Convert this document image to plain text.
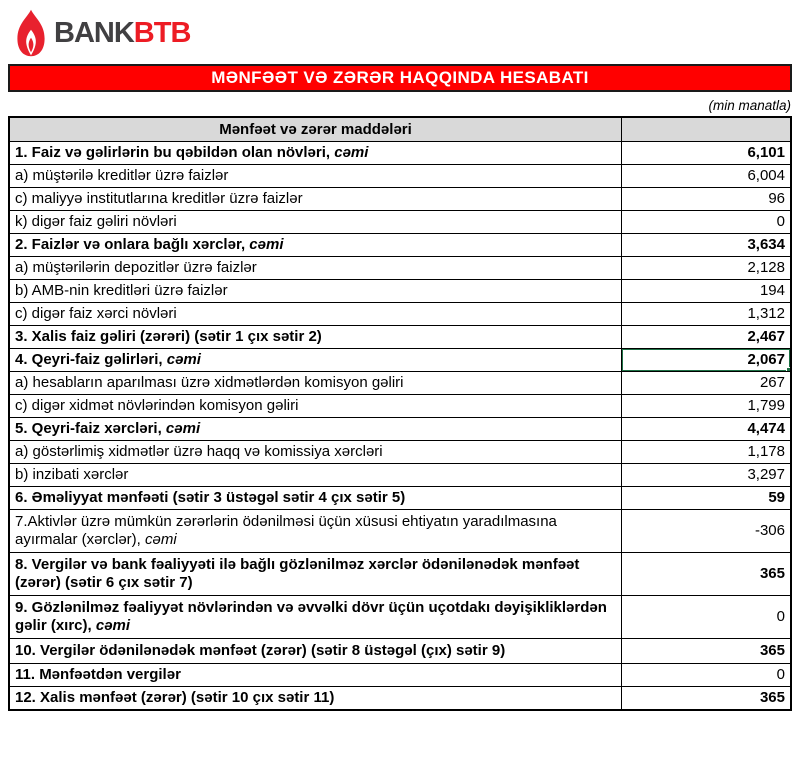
BANKBTB
MƏNFƏƏT VƏ ZƏRƏR HAQQINDA HESABATI
(min manatla)
Mənfəət və zərər maddələri	
1. Faiz və gəlirlərin bu qəbildən olan növləri, cəmi	6,101
a) müştərilə kreditlər üzrə faizlər	6,004
c) maliyyə institutlarına kreditlər üzrə faizlər	96
k) digər faiz gəliri növləri	0
2. Faizlər və onlara bağlı xərclər, cəmi	3,634
a) müştərilərin depozitlər üzrə faizlər	2,128
b) AMB-nin kreditləri üzrə faizlər	194
c) digər faiz xərci növləri	1,312
3. Xalis faiz gəliri (zərəri) (sətir 1 çıx sətir 2)	2,467
4. Qeyri-faiz gəlirləri, cəmi	2,067
a) hesabların aparılması üzrə xidmətlərdən komisyon gəliri	267
c) digər xidmət növlərindən komisyon gəliri	1,799
5. Qeyri-faiz xərcləri, cəmi	4,474
a) göstərlimiş xidmətlər üzrə haqq və komissiya xərcləri	1,178
b) inzibati xərclər	3,297
6. Əməliyyat mənfəəti (sətir 3 üstəgəl sətir 4 çıx sətir 5)	59
7.Aktivlər üzrə mümkün zərərlərin ödənilməsi üçün xüsusi ehtiyatın yaradılmasına ayırmalar (xərclər), cəmi	-306
8. Vergilər və bank fəaliyyəti ilə bağlı gözlənilməz xərclər ödənilənədək mənfəət (zərər) (sətir 6 çıx sətir 7)	365
9. Gözlənilməz fəaliyyət növlərindən və əvvəlki dövr üçün uçotdakı dəyişikliklərdən gəlir (xırc), cəmi	0
10. Vergilər ödənilənədək mənfəət (zərər) (sətir 8 üstəgəl (çıx) sətir 9)	365
11. Mənfəətdən vergilər	0
12. Xalis mənfəət (zərər) (sətir 10 çıx sətir 11)	365
